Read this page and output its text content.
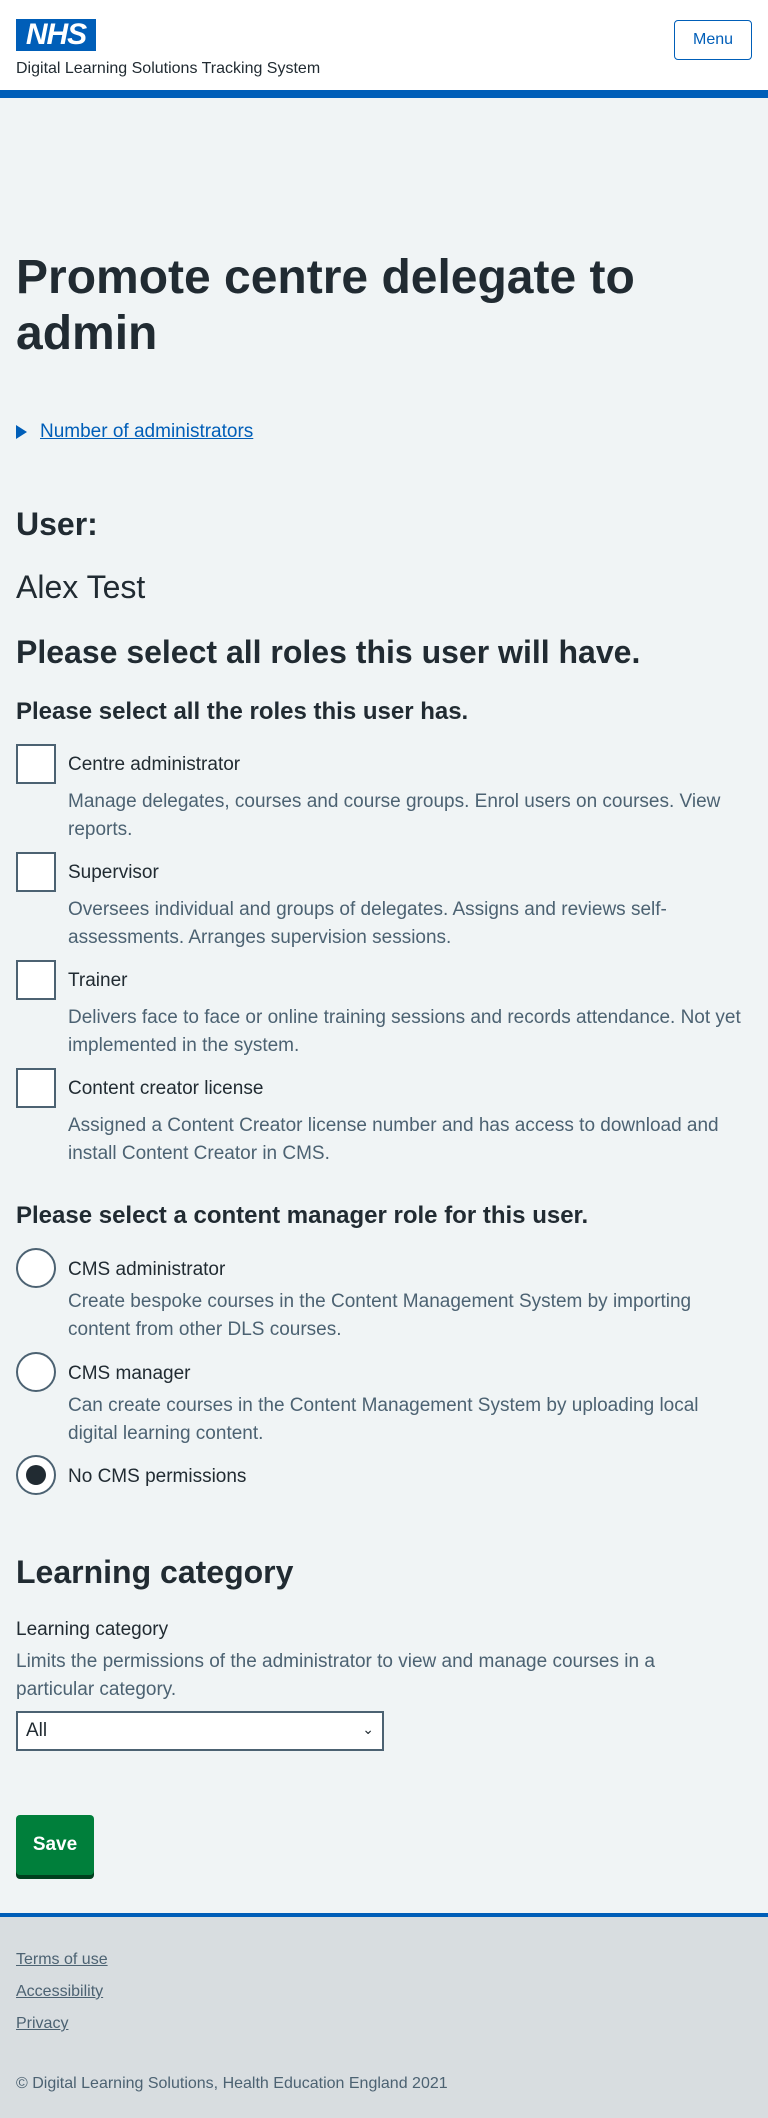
NHS
Digital Learning Solutions Tracking System
Menu
Promote centre delegate to admin
Number of administrators
User:
Alex Test
Please select all roles this user will have.
Please select all the roles this user has.
Centre administrator
Manage delegates, courses and course groups. Enrol users on courses. View reports.
Supervisor
Oversees individual and groups of delegates. Assigns and reviews self-assessments. Arranges supervision sessions.
Trainer
Delivers face to face or online training sessions and records attendance. Not yet implemented in the system.
Content creator license
Assigned a Content Creator license number and has access to download and install Content Creator in CMS.
Please select a content manager role for this user.
CMS administrator
Create bespoke courses in the Content Management System by importing content from other DLS courses.
CMS manager
Can create courses in the Content Management System by uploading local digital learning content.
No CMS permissions
Learning category
Learning category
Limits the permissions of the administrator to view and manage courses in a particular category.
All	⌄
Save
Terms of use
Accessibility
Privacy
© Digital Learning Solutions, Health Education England 2021
